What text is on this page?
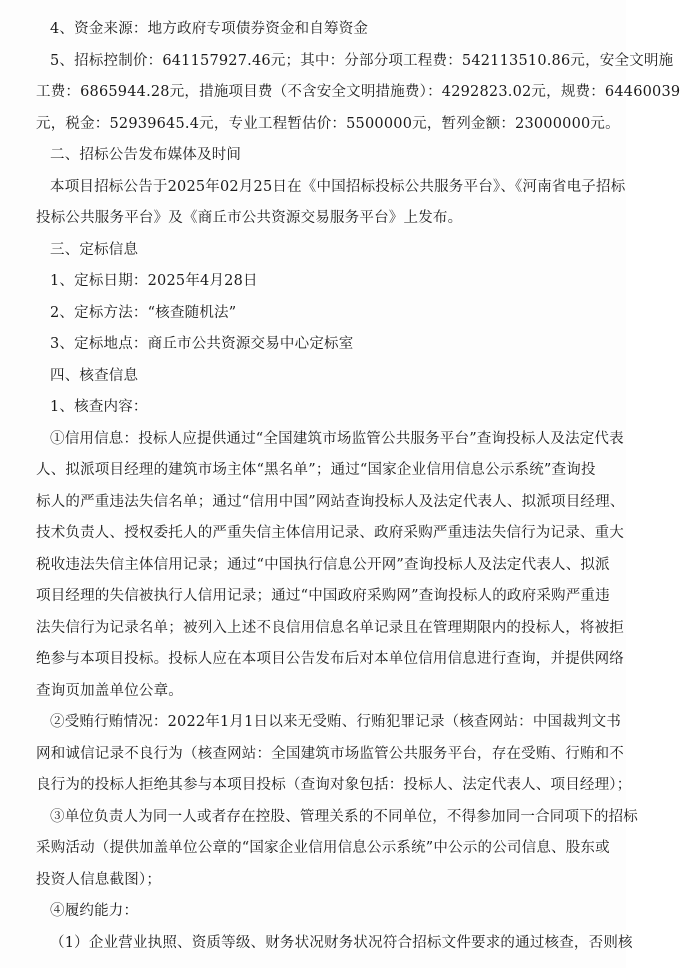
4、资金来源：地方政府专项债券资金和自筹资金
5、招标控制价：641157927.46元；其中：分部分项工程费：542113510.86元，安全文明施
工费：6865944.28元，措施项目费（不含安全文明措施费）：4292823.02元，规费：64460039
元，税金：52939645.4元，专业工程暂估价：5500000元，暂列金额：23000000元。
二、招标公告发布媒体及时间
本项目招标公告于2025年02月25日在《中国招标投标公共服务平台》、《河南省电子招标
投标公共服务平台》及《商丘市公共资源交易服务平台》上发布。
三、定标信息
1、定标日期：2025年4月28日
2、定标方法：“核查随机法”
3、定标地点：商丘市公共资源交易中心定标室
四、核查信息
1、核查内容：
①信用信息：投标人应提供通过“全国建筑市场监管公共服务平台”查询投标人及法定代表
人、拟派项目经理的建筑市场主体“黑名单”；通过“国家企业信用信息公示系统”查询投
标人的严重违法失信名单；通过“信用中国”网站查询投标人及法定代表人、拟派项目经理、
技术负责人、授权委托人的严重失信主体信用记录、政府采购严重违法失信行为记录、重大
税收违法失信主体信用记录；通过“中国执行信息公开网”查询投标人及法定代表人、拟派
项目经理的失信被执行人信用记录；通过“中国政府采购网”查询投标人的政府采购严重违
法失信行为记录名单；被列入上述不良信用信息名单记录且在管理期限内的投标人，将被拒
绝参与本项目投标。投标人应在本项目公告发布后对本单位信用信息进行查询，并提供网络
查询页加盖单位公章。
②受贿行贿情况：2022年1月1日以来无受贿、行贿犯罪记录（核查网站：中国裁判文书
网和诚信记录不良行为（核查网站：全国建筑市场监管公共服务平台，存在受贿、行贿和不
良行为的投标人拒绝其参与本项目投标（查询对象包括：投标人、法定代表人、项目经理）；
③单位负责人为同一人或者存在控股、管理关系的不同单位，不得参加同一合同项下的招标
采购活动（提供加盖单位公章的“国家企业信用信息公示系统”中公示的公司信息、股东或
投资人信息截图）；
④履约能力：
（1）企业营业执照、资质等级、财务状况财务状况符合招标文件要求的通过核查，否则核
